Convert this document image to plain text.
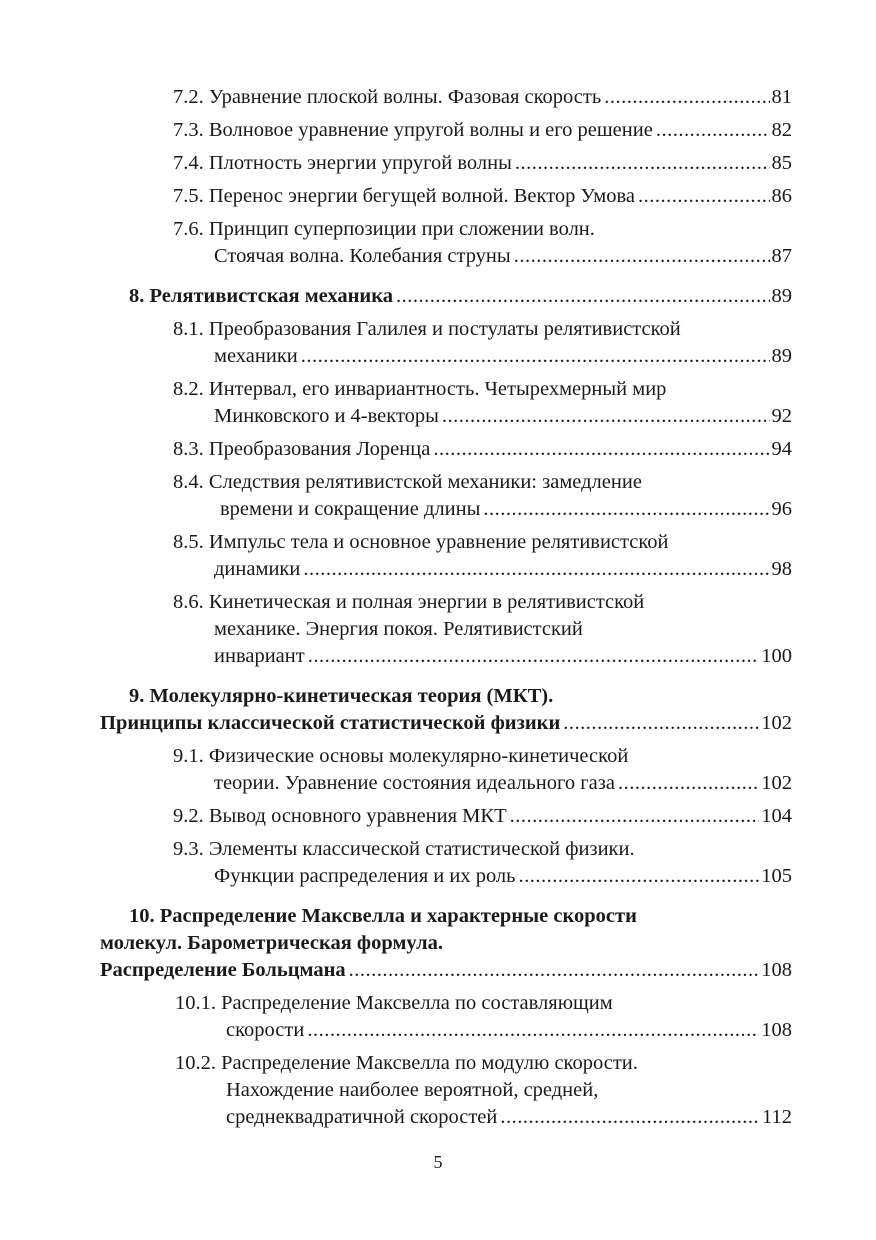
7.2. Уравнение плоской волны. Фазовая скорость .....	81
7.3. Волновое уравнение упругой волны и его решение .....	82
7.4. Плотность энергии упругой волны .....	85
7.5. Перенос энергии бегущей волной. Вектор Умова .....	86
7.6. Принцип суперпозиции при сложении волн.
Стоячая волна. Колебания струны .....	87
8. Релятивистская механика .....	89
8.1. Преобразования Галилея и постулаты релятивистской
механики .....	89
8.2. Интервал, его инвариантность. Четырехмерный мир
Минковского и 4-векторы .....	92
8.3. Преобразования Лоренца .....	94
8.4. Следствия релятивистской механики: замедление
времени и сокращение длины .....	96
8.5. Импульс тела и основное уравнение релятивистской
динамики .....	98
8.6. Кинетическая и полная энергии в релятивистской
механике. Энергия покоя. Релятивистский
инвариант .....	100
9. Молекулярно-кинетическая теория (МКТ).
Принципы классической статистической физики .....	102
9.1. Физические основы молекулярно-кинетической
теории. Уравнение состояния идеального газа .....	102
9.2. Вывод основного уравнения МКТ .....	104
9.3. Элементы классической статистической физики.
Функции распределения и их роль .....	105
10. Распределение Максвелла и характерные скорости
молекул. Барометрическая формула.
Распределение Больцмана .....	108
10.1. Распределение Максвелла по составляющим
скорости .....	108
10.2. Распределение Максвелла по модулю скорости.
Нахождение наиболее вероятной, средней,
среднеквадратичной скоростей .....	112
5
